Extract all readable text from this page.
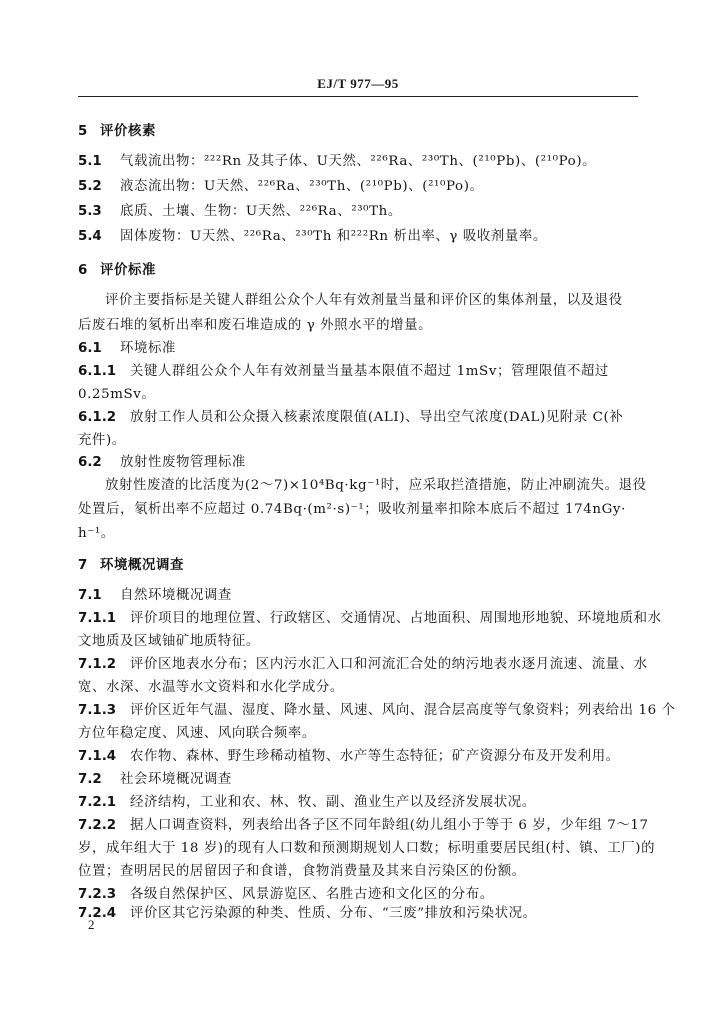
EJ/T 977—95
5 评价核素
5.1 气载流出物：²²²Rn 及其子体、U天然、²²⁶Ra、²³⁰Th、(²¹⁰Pb)、(²¹⁰Po)。
5.2 液态流出物：U天然、²²⁶Ra、²³⁰Th、(²¹⁰Pb)、(²¹⁰Po)。
5.3 底质、土壤、生物：U天然、²²⁶Ra、²³⁰Th。
5.4 固体废物：U天然、²²⁶Ra、²³⁰Th 和²²²Rn 析出率、γ 吸收剂量率。
6 评价标准
评价主要指标是关键人群组公众个人年有效剂量当量和评价区的集体剂量，以及退役
后废石堆的氡析出率和废石堆造成的 γ 外照水平的增量。
6.1 环境标准
6.1.1 关键人群组公众个人年有效剂量当量基本限值不超过 1mSv；管理限值不超过
0.25mSv。
6.1.2 放射工作人员和公众摄入核素浓度限值(ALI)、导出空气浓度(DAL)见附录 C(补
充件)。
6.2 放射性废物管理标准
放射性废渣的比活度为(2～7)×10⁴Bq·kg⁻¹时，应采取拦渣措施，防止冲刷流失。退役
处置后，氡析出率不应超过 0.74Bq·(m²·s)⁻¹；吸收剂量率扣除本底后不超过 174nGy·
h⁻¹。
7 环境概况调查
7.1 自然环境概况调查
7.1.1 评价项目的地理位置、行政辖区、交通情况、占地面积、周围地形地貌、环境地质和水
文地质及区域铀矿地质特征。
7.1.2 评价区地表水分布；区内污水汇入口和河流汇合处的纳污地表水逐月流速、流量、水
宽、水深、水温等水文资料和水化学成分。
7.1.3 评价区近年气温、湿度、降水量、风速、风向、混合层高度等气象资料；列表给出 16 个
方位年稳定度、风速、风向联合频率。
7.1.4 农作物、森林、野生珍稀动植物、水产等生态特征；矿产资源分布及开发利用。
7.2 社会环境概况调查
7.2.1 经济结构，工业和农、林、牧、副、渔业生产以及经济发展状况。
7.2.2 据人口调查资料，列表给出各子区不同年龄组(幼儿组小于等于 6 岁，少年组 7～17
岁，成年组大于 18 岁)的现有人口数和预测期规划人口数；标明重要居民组(村、镇、工厂)的
位置；查明居民的居留因子和食谱，食物消费量及其来自污染区的份额。
7.2.3 各级自然保护区、风景游览区、名胜古迹和文化区的分布。
7.2.4 评价区其它污染源的种类、性质、分布、“三废”排放和污染状况。
2
